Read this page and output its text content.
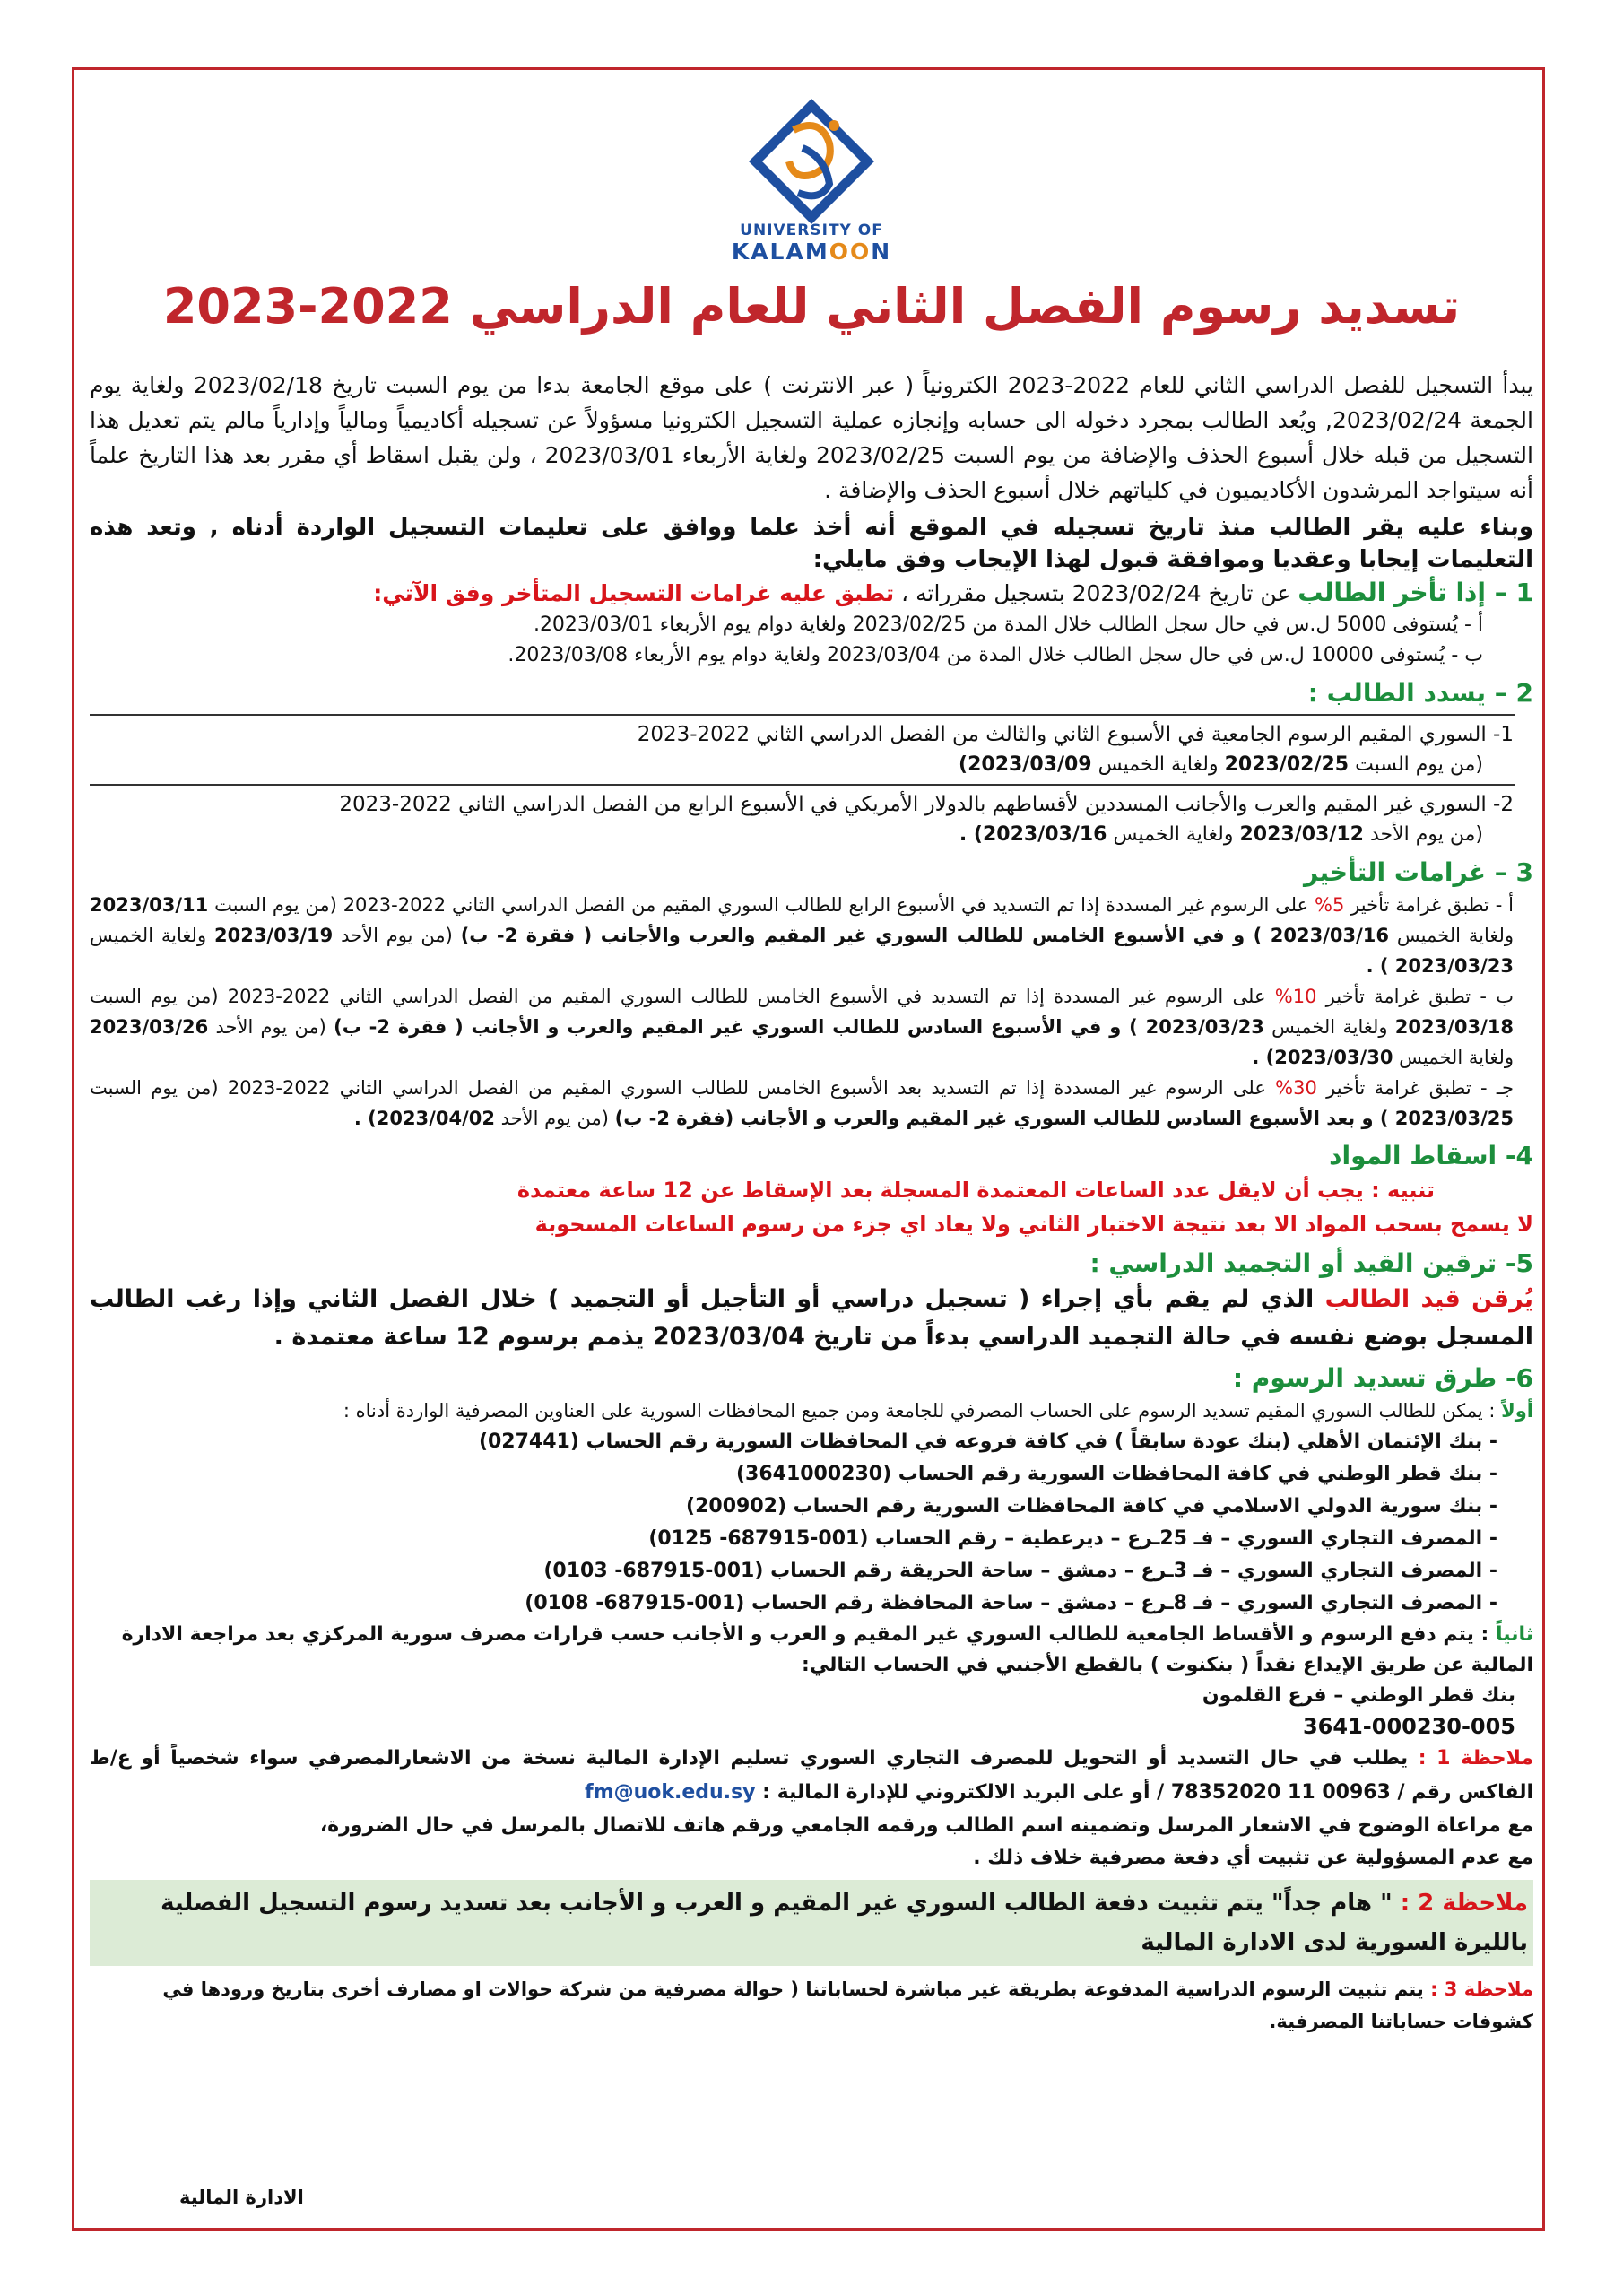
UNIVERSITY OF
KALAMOON
تسديد رسوم الفصل الثاني للعام الدراسي 2022-2023

يبدأ التسجيل للفصل الدراسي الثاني للعام 2022-2023 الكترونياً ( عبر الانترنت ) على موقع الجامعة بدءا من يوم السبت تاريخ 2023/02/18 ولغاية يوم الجمعة 2023/02/24, ويُعد الطالب بمجرد دخوله الى حسابه وإنجازه عملية التسجيل الكترونيا مسؤولاً عن تسجيله أكاديمياً ومالياً وإدارياً مالم يتم تعديل هذا التسجيل من قبله خلال أسبوع الحذف والإضافة من يوم السبت 2023/02/25 ولغاية الأربعاء 2023/03/01 ، ولن يقبل اسقاط أي مقرر بعد هذا التاريخ علماً أنه سيتواجد المرشدون الأكاديميون في كلياتهم خلال أسبوع الحذف والإضافة .

وبناء عليه يقر الطالب منذ تاريخ تسجيله في الموقع أنه أخذ علما ووافق على تعليمات التسجيل الواردة أدناه , وتعد هذه التعليمات إيجابا وعقديا وموافقة قبول لهذا الإيجاب وفق مايلي:

1 – إذا تأخر الطالب عن تاريخ 2023/02/24 بتسجيل مقرراته ، تطبق عليه غرامات التسجيل المتأخر وفق الآتي:

أ - يُستوفى 5000 ل.س في حال سجل الطالب خلال المدة من 2023/02/25 ولغاية دوام يوم الأربعاء 2023/03/01.

ب - يُستوفى 10000 ل.س في حال سجل الطالب خلال المدة من 2023/03/04 ولغاية دوام يوم الأربعاء 2023/03/08.

2 – يسدد الطالب :

1- السوري المقيم الرسوم الجامعية في الأسبوع الثاني والثالث من الفصل الدراسي الثاني 2022-2023

(من يوم السبت 2023/02/25 ولغاية الخميس 2023/03/09)

2- السوري غير المقيم والعرب والأجانب المسددين لأقساطهم بالدولار الأمريكي في الأسبوع الرابع من الفصل الدراسي الثاني 2022-2023

(من يوم الأحد 2023/03/12 ولغاية الخميس 2023/03/16) .

3 – غرامات التأخير

أ - تطبق غرامة تأخير 5% على الرسوم غير المسددة إذا تم التسديد في الأسبوع الرابع للطالب السوري المقيم من الفصل الدراسي الثاني 2022-2023 (من يوم السبت 2023/03/11 ولغاية الخميس 2023/03/16 ) و في الأسبوع الخامس للطالب السوري غير المقيم والعرب والأجانب ( فقرة 2- ب) (من يوم الأحد 2023/03/19 ولغاية الخميس 2023/03/23 ) .

ب - تطبق غرامة تأخير 10% على الرسوم غير المسددة إذا تم التسديد في الأسبوع الخامس للطالب السوري المقيم من الفصل الدراسي الثاني 2022-2023 (من يوم السبت 2023/03/18 ولغاية الخميس 2023/03/23 ) و في الأسبوع السادس للطالب السوري غير المقيم والعرب و الأجانب ( فقرة 2- ب) (من يوم الأحد 2023/03/26 ولغاية الخميس 2023/03/30) .

جـ - تطبق غرامة تأخير 30% على الرسوم غير المسددة إذا تم التسديد بعد الأسبوع الخامس للطالب السوري المقيم من الفصل الدراسي الثاني 2022-2023 (من يوم السبت 2023/03/25 ) و بعد الأسبوع السادس للطالب السوري غير المقيم والعرب و الأجانب (فقرة 2- ب) (من يوم الأحد 2023/04/02) .

4- اسقاط المواد

تنبيه : يجب أن لايقل عدد الساعات المعتمدة المسجلة بعد الإسقاط عن 12 ساعة معتمدة

لا يسمح بسحب المواد الا بعد نتيجة الاختبار الثاني ولا يعاد اي جزء من رسوم الساعات المسحوبة

5- ترقين القيد أو التجميد الدراسي :

يُرقن قيد الطالب الذي لم يقم بأي إجراء ( تسجيل دراسي أو التأجيل أو التجميد ) خلال الفصل الثاني وإذا رغب الطالب المسجل بوضع نفسه في حالة التجميد الدراسي بدءاً من تاريخ 2023/03/04 يذمم برسوم 12 ساعة معتمدة .

6- طرق تسديد الرسوم :

أولاً : يمكن للطالب السوري المقيم تسديد الرسوم على الحساب المصرفي للجامعة ومن جميع المحافظات السورية على العناوين المصرفية الواردة أدناه :

- بنك الإئتمان الأهلي (بنك عودة سابقاً ) في كافة فروعه في المحافظات السورية رقم الحساب (027441)

- بنك قطر الوطني في كافة المحافظات السورية رقم الحساب (3641000230)

- بنك سورية الدولي الاسلامي في كافة المحافظات السورية رقم الحساب (200902)

- المصرف التجاري السوري – فـ 25ـرع – ديرعطية – رقم الحساب (001-687915- 0125)

- المصرف التجاري السوري – فـ 3ـرع – دمشق – ساحة الحريقة رقم الحساب (001-687915- 0103)

- المصرف التجاري السوري – فـ 8ـرع – دمشق – ساحة المحافظة رقم الحساب (001-687915- 0108)

ثانياً : يتم دفع الرسوم و الأقساط الجامعية للطالب السوري غير المقيم و العرب و الأجانب حسب قرارات مصرف سورية المركزي بعد مراجعة الادارة المالية عن طريق الإيداع نقداً ( بنكنوت ) بالقطع الأجنبي في الحساب التالي:

بنك قطر الوطني – فرع القلمون

3641-000230-005

ملاحظة 1 : يطلب في حال التسديد أو التحويل للمصرف التجاري السوري تسليم الإدارة المالية نسخة من الاشعارالمصرفي سواء شخصياً أو ع/ط الفاكس رقم / 00963 11 78352020 / أو على البريد الالكتروني للإدارة المالية : fm@uok.edu.sy

مع مراعاة الوضوح في الاشعار المرسل وتضمينه اسم الطالب ورقمه الجامعي ورقم هاتف للاتصال بالمرسل في حال الضرورة،

مع عدم المسؤولية عن تثبيت أي دفعة مصرفية خلاف ذلك .

ملاحظة 2 : " هام جداً" يتم تثبيت دفعة الطالب السوري غير المقيم و العرب و الأجانب بعد تسديد رسوم التسجيل الفصلية بالليرة السورية لدى الادارة المالية

ملاحظة 3 : يتم تثبيت الرسوم الدراسية المدفوعة بطريقة غير مباشرة لحساباتنا ( حوالة مصرفية من شركة حوالات او مصارف أخرى بتاريخ ورودها في كشوفات حساباتنا المصرفية.

الادارة المالية
